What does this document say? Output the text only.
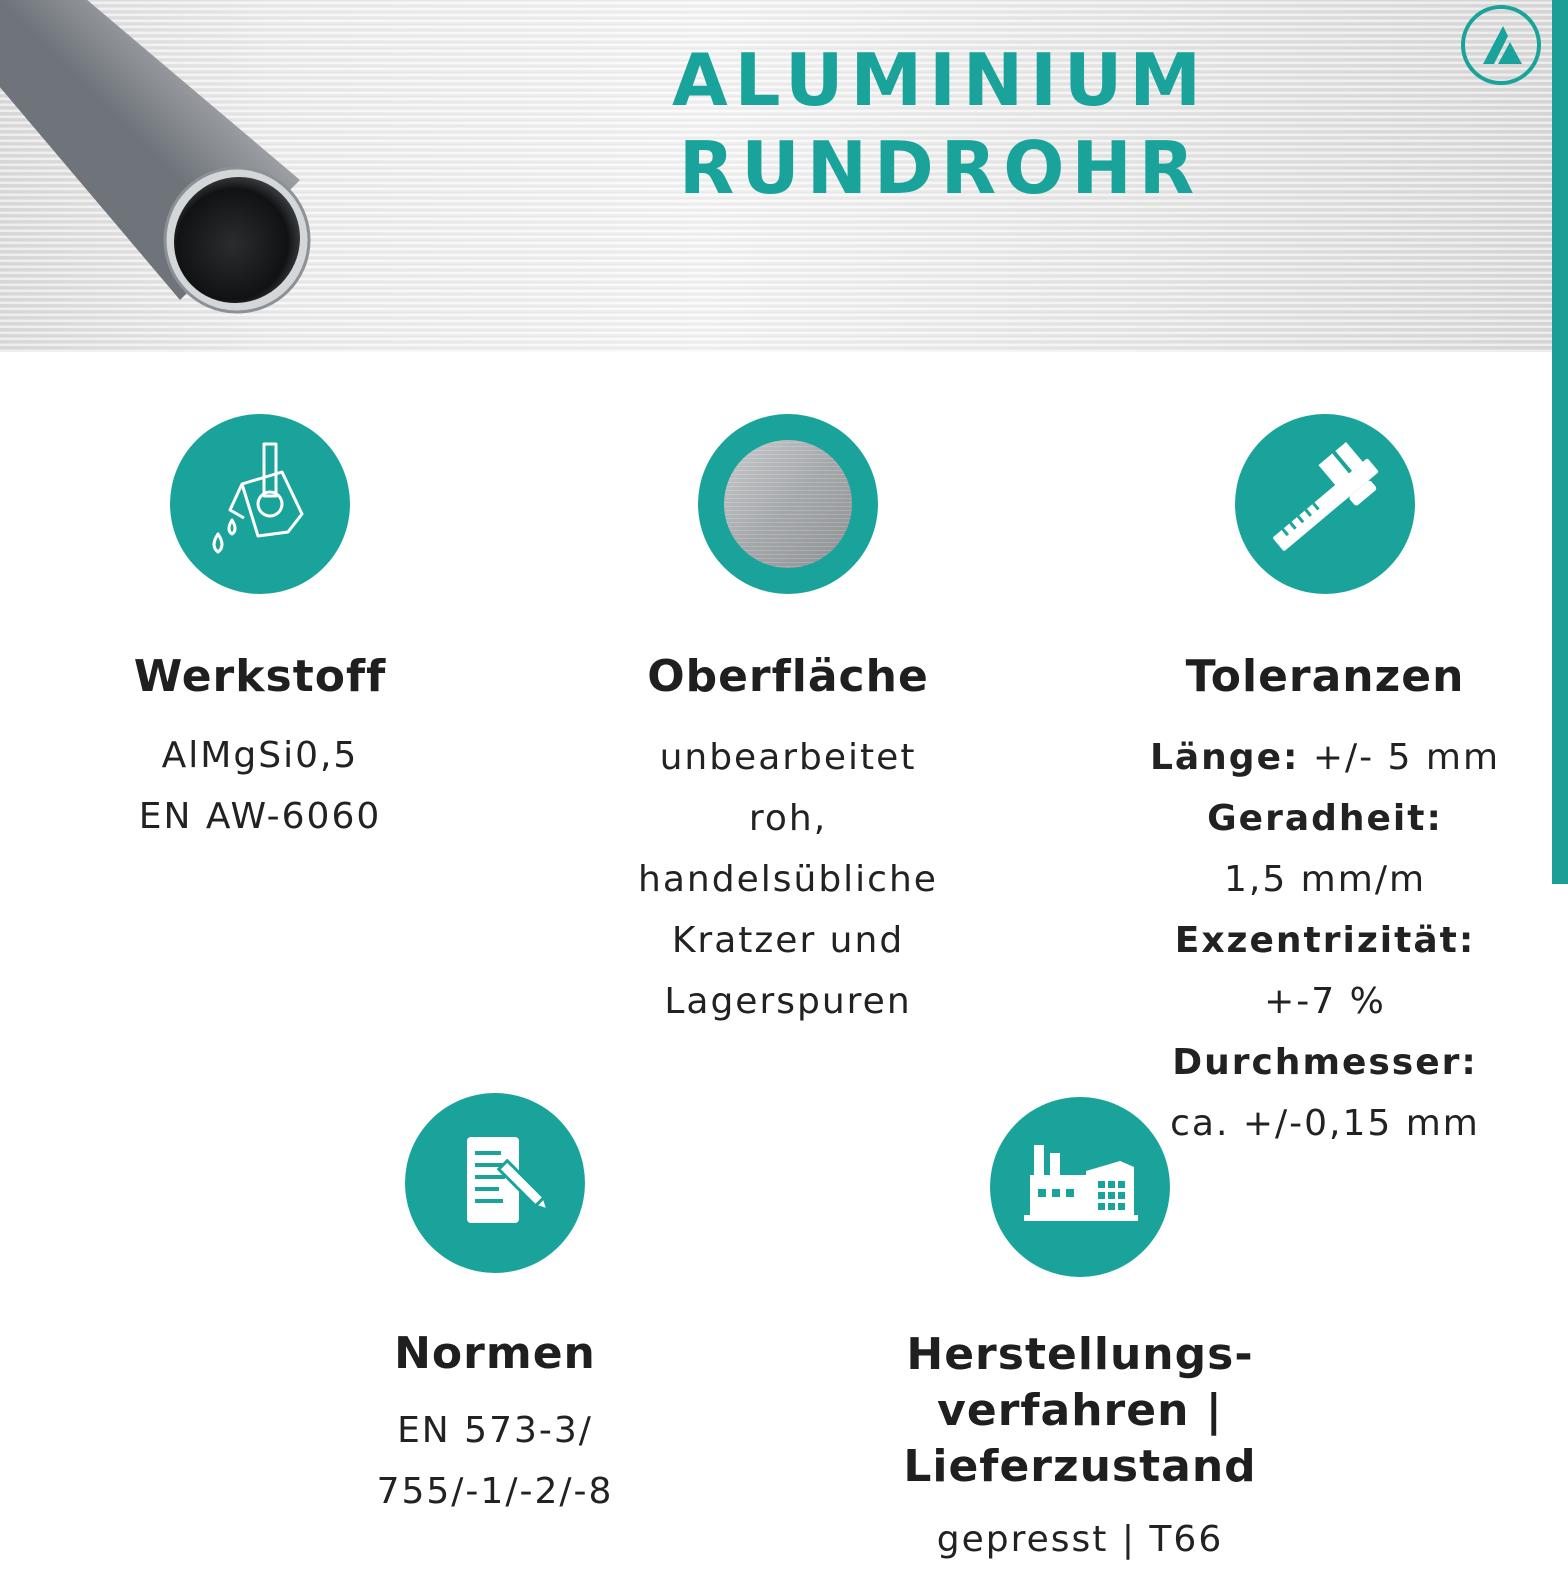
ALUMINIUM
RUNDROHR
Werkstoff
AlMgSi0,5
EN AW-6060
Oberfläche
unbearbeitet
roh,
handelsübliche
Kratzer und
Lagerspuren
Toleranzen
Länge: +/- 5 mm
Geradheit:
1,5 mm/m
Exzentrizität:
+-7 %
Durchmesser:
ca. +/-0,15 mm
Normen
EN 573-3/
755/-1/-2/-8
Herstellungs-
verfahren |
Lieferzustand
gepresst | T66
